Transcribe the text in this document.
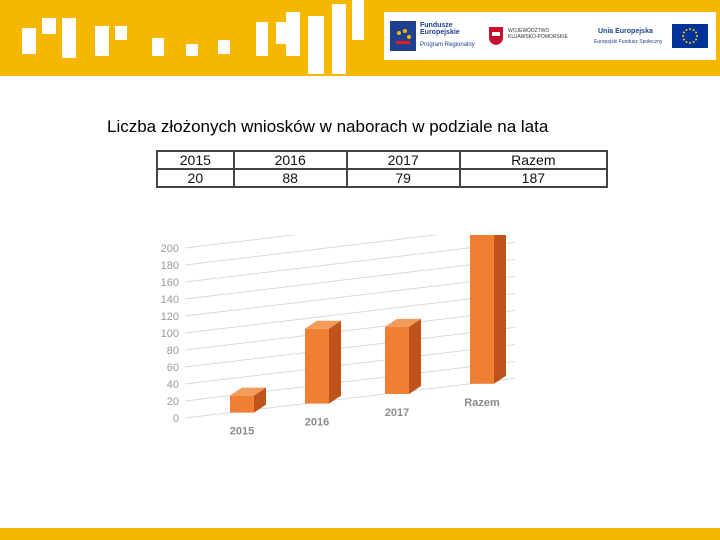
Fundusze Europejskie
Program Regionalny
WOJEWÓDZTWO KUJAWSKO-POMORSKIE
Unia Europejska
Europejski Fundusz Społeczny
Liczba złożonych wniosków w naborach w podziale na lata
2015	2016	2017	Razem
20	88	79	187
0
20
40
60
80
100
120
140
160
180
200
2015
2016
2017
Razem
